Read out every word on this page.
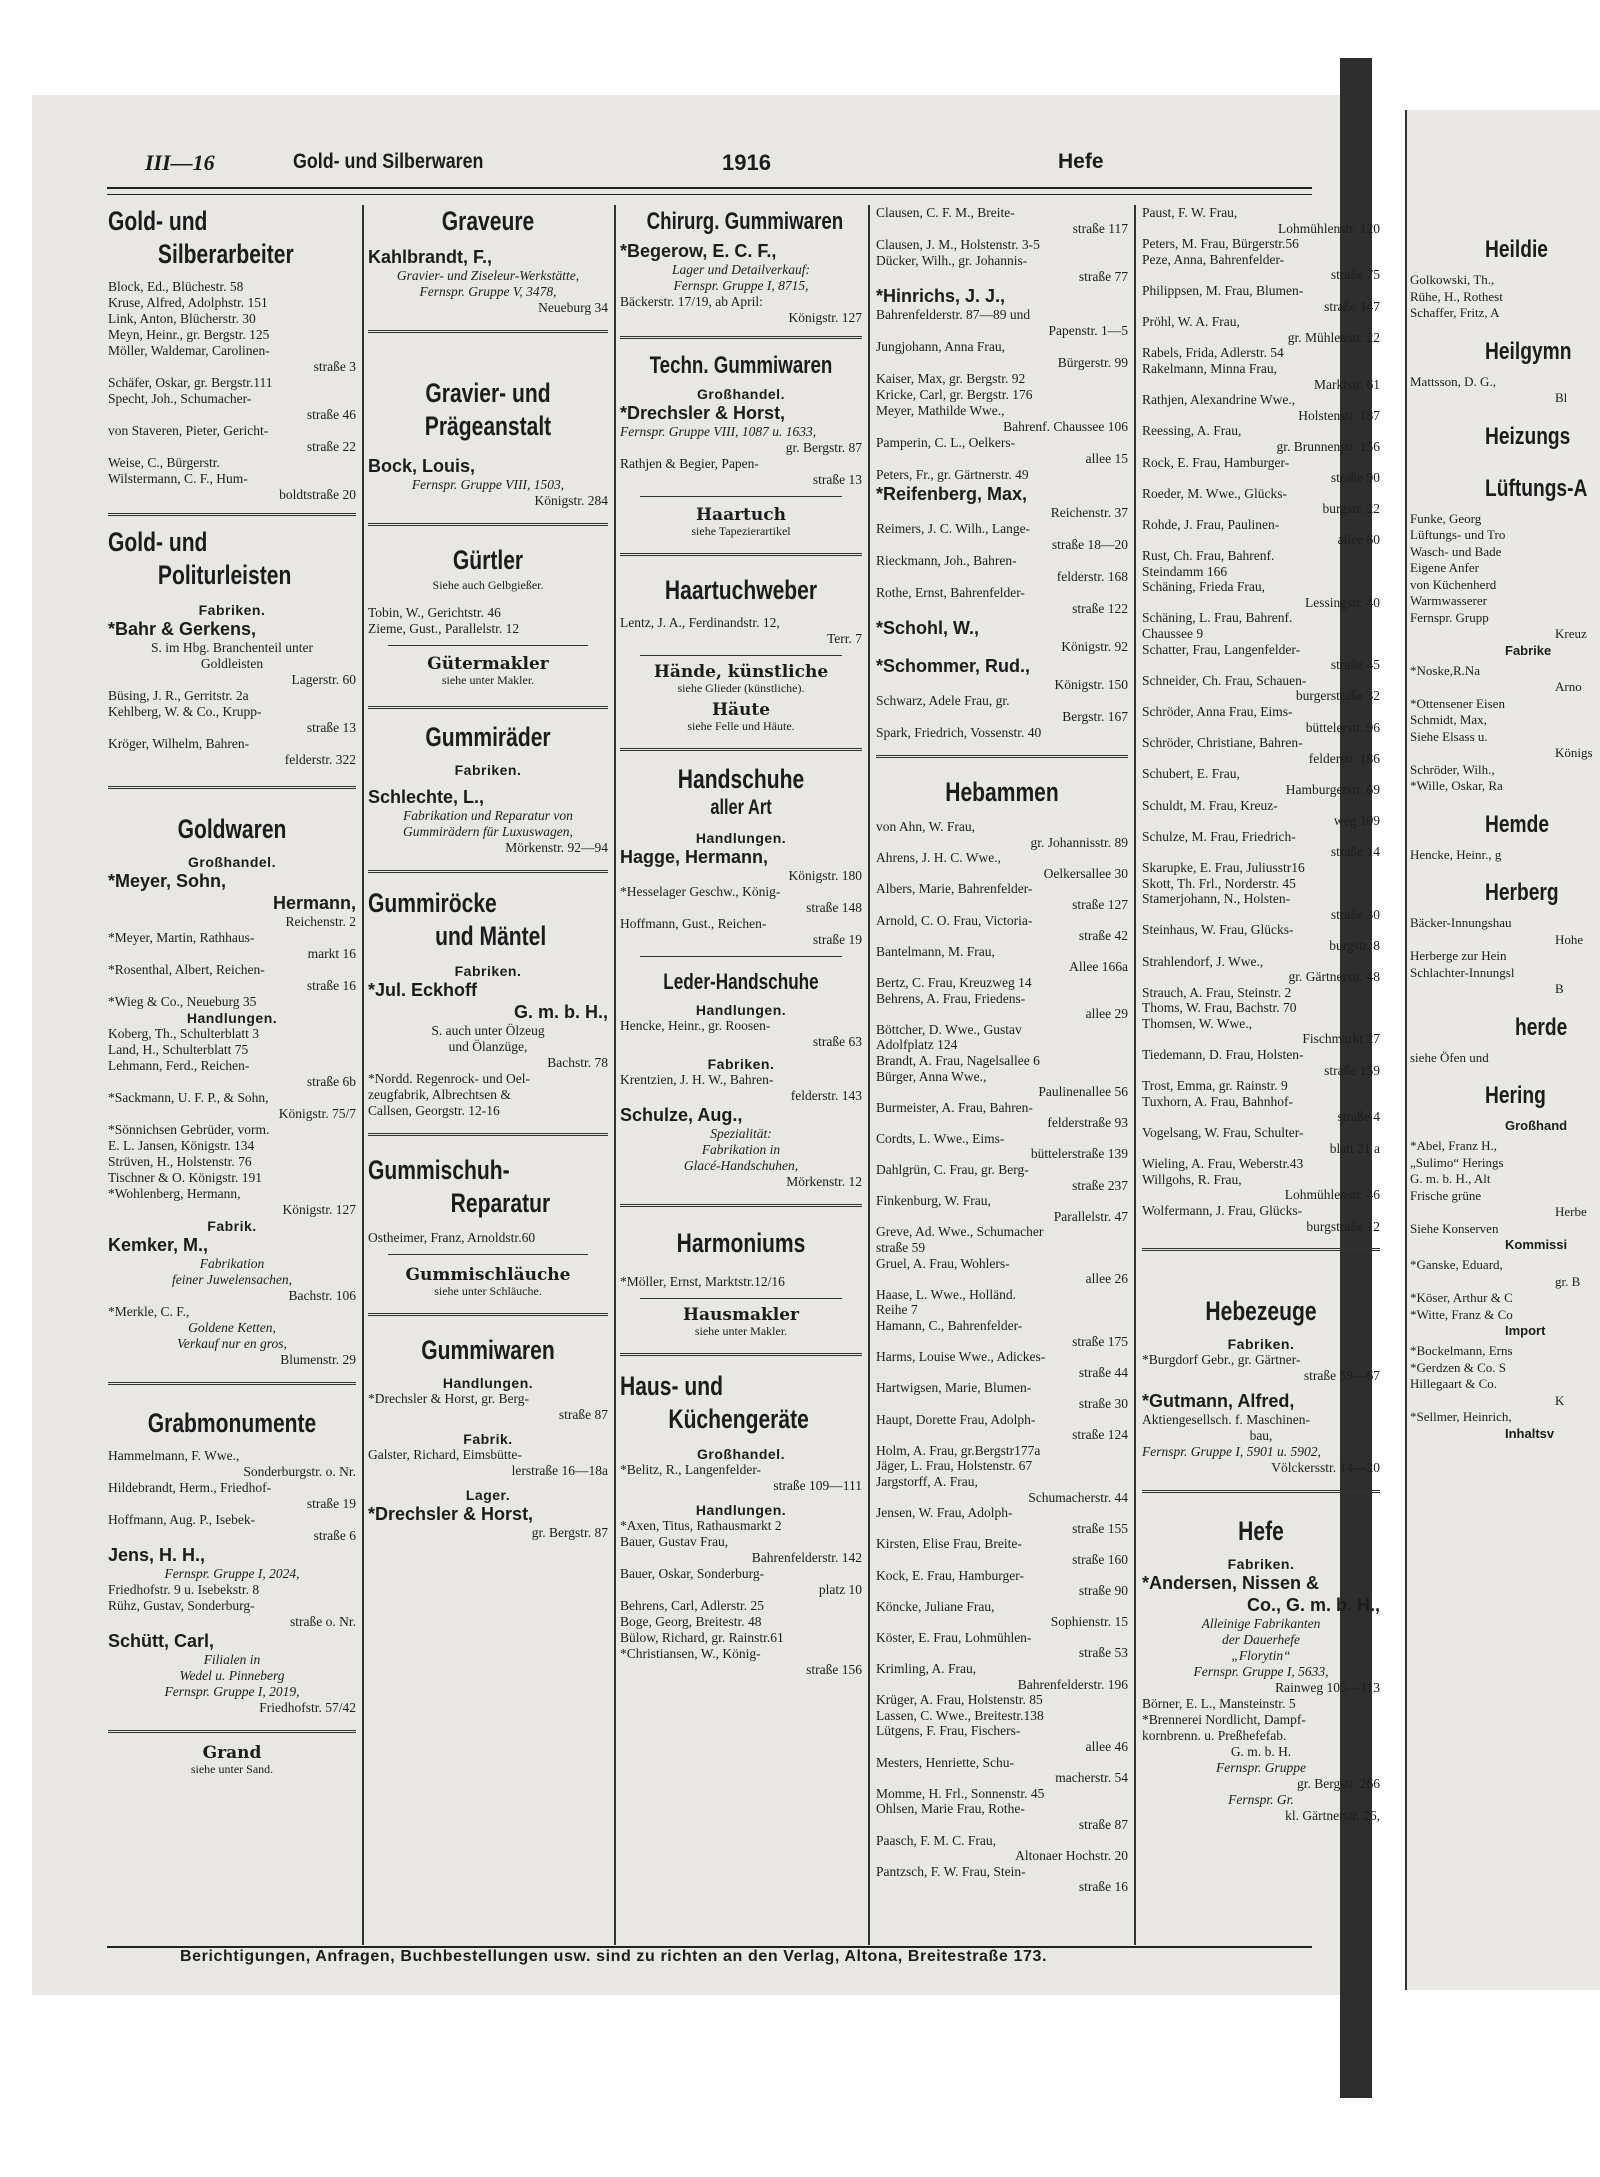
III—16	Gold- und Silberwaren	1916	Hefe
Gold- und
Silberarbeiter

Block, Ed., Blüchestr. 58

Kruse, Alfred, Adolphstr. 151

Link, Anton, Blücherstr. 30

Meyn, Heinr., gr. Bergstr. 125

Möller, Waldemar, Carolinen-

straße 3

Schäfer, Oskar, gr. Bergstr.111

Specht, Joh., Schumacher-

straße 46

von Staveren, Pieter, Gericht-

straße 22

Weise, C., Bürgerstr.

Wilstermann, C. F., Hum-

boldtstraße 20

Gold- und
Politurleisten
Fabriken.
*Bahr & Gerkens,

S. im Hbg. Branchenteil unter

Goldleisten

Lagerstr. 60

Büsing, J. R., Gerritstr. 2a

Kehlberg, W. & Co., Krupp-

straße 13

Kröger, Wilhelm, Bahren-

felderstr. 322

Goldwaren
Großhandel.
*Meyer, Sohn,
Hermann,

Reichenstr. 2

*Meyer, Martin, Rathhaus-

markt 16

*Rosenthal, Albert, Reichen-

straße 16

*Wieg & Co., Neueburg 35

Handlungen.

Koberg, Th., Schulterblatt 3

Land, H., Schulterblatt 75

Lehmann, Ferd., Reichen-

straße 6b

*Sackmann, U. F. P., & Sohn,

Königstr. 75/7

*Sönnichsen Gebrüder, vorm.

E. L. Jansen, Königstr. 134

Strüven, H., Holstenstr. 76

Tischner & O. Königstr. 191

*Wohlenberg, Hermann,

Königstr. 127

Fabrik.
Kemker, M.,

Fabrikation

feiner Juwelensachen,

Bachstr. 106

*Merkle, C. F.,

Goldene Ketten,

Verkauf nur en gros,

Blumenstr. 29

Grabmonumente

Hammelmann, F. Wwe.,

Sonderburgstr. o. Nr.

Hildebrandt, Herm., Friedhof-

straße 19

Hoffmann, Aug. P., Isebek-

straße 6

Jens, H. H.,

Fernspr. Gruppe I, 2024,

Friedhofstr. 9 u. Isebekstr. 8

Rühz, Gustav, Sonderburg-

straße o. Nr.

Schütt, Carl,

Filialen in

Wedel u. Pinneberg

Fernspr. Gruppe I, 2019,

Friedhofstr. 57/42

Grand
siehe unter Sand.
Graveure
Kahlbrandt, F.,

Gravier- und Ziseleur-Werkstätte,

Fernspr. Gruppe V, 3478,

Neueburg 34

Gravier- und
Prägeanstalt
Bock, Louis,

Fernspr. Gruppe VIII, 1503,

Königstr. 284

Gürtler
Siehe auch Gelbgießer.

Tobin, W., Gerichtstr. 46

Zieme, Gust., Parallelstr. 12

Gütermakler
siehe unter Makler.
Gummiräder
Fabriken.
Schlechte, L.,

Fabrikation und Reparatur von

Gummirädern für Luxuswagen,

Mörkenstr. 92—94

Gummiröcke
und Mäntel
Fabriken.
*Jul. Eckhoff
G. m. b. H.,

S. auch unter Ölzeug

und Ölanzüge,

Bachstr. 78

*Nordd. Regenrock- und Oel-

zeugfabrik, Albrechtsen &

Callsen, Georgstr. 12-16

Gummischuh-
Reparatur

Ostheimer, Franz, Arnoldstr.60

Gummischläuche
siehe unter Schläuche.
Gummiwaren
Handlungen.

*Drechsler & Horst, gr. Berg-

straße 87

Fabrik.

Galster, Richard, Eimsbütte-

lerstraße 16—18a

Lager.
*Drechsler & Horst,

gr. Bergstr. 87

Chirurg. Gummiwaren
*Begerow, E. C. F.,

Lager und Detailverkauf:

Fernspr. Gruppe I, 8715,

Bäckerstr. 17/19, ab April:

Königstr. 127

Techn. Gummiwaren
Großhandel.
*Drechsler & Horst,

Fernspr. Gruppe VIII, 1087 u. 1633,

gr. Bergstr. 87

Rathjen & Begier, Papen-

straße 13

Haartuch
siehe Tapezierartikel
Haartuchweber

Lentz, J. A., Ferdinandstr. 12,

Terr. 7

Hände, künstliche
siehe Glieder (künstliche).
Häute
siehe Felle und Häute.
Handschuhe
aller Art
Handlungen.
Hagge, Hermann,

Königstr. 180

*Hesselager Geschw., König-

straße 148

Hoffmann, Gust., Reichen-

straße 19

Leder-Handschuhe
Handlungen.

Hencke, Heinr., gr. Roosen-

straße 63

Fabriken.

Krentzien, J. H. W., Bahren-

felderstr. 143

Schulze, Aug.,

Spezialität:

Fabrikation in

Glacé-Handschuhen,

Mörkenstr. 12

Harmoniums

*Möller, Ernst, Marktstr.12/16

Hausmakler
siehe unter Makler.
Haus- und
Küchengeräte
Großhandel.

*Belitz, R., Langenfelder-

straße 109—111

Handlungen.

*Axen, Titus, Rathausmarkt 2

Bauer, Gustav Frau,

Bahrenfelderstr. 142

Bauer, Oskar, Sonderburg-

platz 10

Behrens, Carl, Adlerstr. 25

Boge, Georg, Breitestr. 48

Bülow, Richard, gr. Rainstr.61

*Christiansen, W., König-

straße 156

Clausen, C. F. M., Breite-

straße 117

Clausen, J. M., Holstenstr. 3-5

Dücker, Wilh., gr. Johannis-

straße 77

*Hinrichs, J. J.,

Bahrenfelderstr. 87—89 und

Papenstr. 1—5

Jungjohann, Anna Frau,

Bürgerstr. 99

Kaiser, Max, gr. Bergstr. 92

Kricke, Carl, gr. Bergstr. 176

Meyer, Mathilde Wwe.,

Bahrenf. Chaussee 106

Pamperin, C. L., Oelkers-

allee 15

Peters, Fr., gr. Gärtnerstr. 49

*Reifenberg, Max,

Reichenstr. 37

Reimers, J. C. Wilh., Lange-

straße 18—20

Rieckmann, Joh., Bahren-

felderstr. 168

Rothe, Ernst, Bahrenfelder-

straße 122

*Schohl, W.,

Königstr. 92

*Schommer, Rud.,

Königstr. 150

Schwarz, Adele Frau, gr.

Bergstr. 167

Spark, Friedrich, Vossenstr. 40

Hebammen

von Ahn, W. Frau,

gr. Johannisstr. 89

Ahrens, J. H. C. Wwe.,

Oelkersallee 30

Albers, Marie, Bahrenfelder-

straße 127

Arnold, C. O. Frau, Victoria-

straße 42

Bantelmann, M. Frau,

Allee 166a

Bertz, C. Frau, Kreuzweg 14

Behrens, A. Frau, Friedens-

allee 29

Böttcher, D. Wwe., Gustav

Adolfplatz 124

Brandt, A. Frau, Nagelsallee 6

Bürger, Anna Wwe.,

Paulinenallee 56

Burmeister, A. Frau, Bahren-

felderstraße 93

Cordts, L. Wwe., Eims-

büttelerstraße 139

Dahlgrün, C. Frau, gr. Berg-

straße 237

Finkenburg, W. Frau,

Parallelstr. 47

Greve, Ad. Wwe., Schumacher

straße 59

Gruel, A. Frau, Wohlers-

allee 26

Haase, L. Wwe., Holländ.

Reihe 7

Hamann, C., Bahrenfelder-

straße 175

Harms, Louise Wwe., Adickes-

straße 44

Hartwigsen, Marie, Blumen-

straße 30

Haupt, Dorette Frau, Adolph-

straße 124

Holm, A. Frau, gr.Bergstr177a

Jäger, L. Frau, Holstenstr. 67

Jargstorff, A. Frau,

Schumacherstr. 44

Jensen, W. Frau, Adolph-

straße 155

Kirsten, Elise Frau, Breite-

straße 160

Kock, E. Frau, Hamburger-

straße 90

Köncke, Juliane Frau,

Sophienstr. 15

Köster, E. Frau, Lohmühlen-

straße 53

Krimling, A. Frau,

Bahrenfelderstr. 196

Krüger, A. Frau, Holstenstr. 85

Lassen, C. Wwe., Breitestr.138

Lütgens, F. Frau, Fischers-

allee 46

Mesters, Henriette, Schu-

macherstr. 54

Momme, H. Frl., Sonnenstr. 45

Ohlsen, Marie Frau, Rothe-

straße 87

Paasch, F. M. C. Frau,

Altonaer Hochstr. 20

Pantzsch, F. W. Frau, Stein-

straße 16

Paust, F. W. Frau,

Lohmühlenstr. 120

Peters, M. Frau, Bürgerstr.56

Peze, Anna, Bahrenfelder-

straße 75

Philippsen, M. Frau, Blumen-

straße 147

Pröhl, W. A. Frau,

gr. Mühlenstr. 22

Rabels, Frida, Adlerstr. 54

Rakelmann, Minna Frau,

Marktstr. 61

Rathjen, Alexandrine Wwe.,

Holstenstr. 187

Reessing, A. Frau,

gr. Brunnenstr. 156

Rock, E. Frau, Hamburger-

straße 90

Roeder, M. Wwe., Glücks-

burgstr. 22

Rohde, J. Frau, Paulinen-

allee 60

Rust, Ch. Frau, Bahrenf.

Steindamm 166

Schäning, Frieda Frau,

Lessingstr. 40

Schäning, L. Frau, Bahrenf.

Chaussee 9

Schatter, Frau, Langenfelder-

straße 45

Schneider, Ch. Frau, Schauen-

burgerstraße 32

Schröder, Anna Frau, Eims-

büttelerstr. 96

Schröder, Christiane, Bahren-

felderstr. 186

Schubert, E. Frau,

Hamburgerstr. 69

Schuldt, M. Frau, Kreuz-

weg 109

Schulze, M. Frau, Friedrich-

straße 14

Skarupke, E. Frau, Juliusstr16

Skott, Th. Frl., Norderstr. 45

Stamerjohann, N., Holsten-

straße 30

Steinhaus, W. Frau, Glücks-

burgstr. 8

Strahlendorf, J. Wwe.,

gr. Gärtnerstr. 48

Strauch, A. Frau, Steinstr. 2

Thoms, W. Frau, Bachstr. 70

Thomsen, W. Wwe.,

Fischmarkt 27

Tiedemann, D. Frau, Holsten-

straße 159

Trost, Emma, gr. Rainstr. 9

Tuxhorn, A. Frau, Bahnhof-

straße 4

Vogelsang, W. Frau, Schulter-

blatt 21 a

Wieling, A. Frau, Weberstr.43

Willgohs, R. Frau,

Lohmühlenstr. 46

Wolfermann, J. Frau, Glücks-

burgstraße 12

Hebezeuge
Fabriken.

*Burgdorf Gebr., gr. Gärtner-

straße 59—67

*Gutmann, Alfred,

Aktiengesellsch. f. Maschinen-

bau,

Fernspr. Gruppe I, 5901 u. 5902,

Völckersstr. 14—20

Hefe
Fabriken.
*Andersen, Nissen &
Co., G. m. b. H.,

Alleinige Fabrikanten

der Dauerhefe

„Florytin“

Fernspr. Gruppe I, 5633,

Rainweg 105—113

Börner, E. L., Mansteinstr. 5

*Brennerei Nordlicht, Dampf-

kornbrenn. u. Preßhefefab.

G. m. b. H.

Fernspr. Gruppe

gr. Bergstr. 266

Fernspr. Gr.

kl. Gärtnerstr. 26,

Heildie
Golkowski, Th.,
Rühe, H., Rothest
Schaffer, Fritz, A
Heilgymn
Mattsson, D. G.,
Bl
Heizungs
Lüftungs-A
Funke, Georg
Lüftungs- und Tro
Wasch- und Bade
Eigene Anfer
von Küchenherd
Warmwasserer
Fernspr. Grupp
Kreuz
Fabrike
*Noske,R.Na
Arno
*Ottensener Eisen
Schmidt, Max,
Siehe Elsass u.
Königs
Schröder, Wilh.,
*Wille, Oskar, Ra
Hemde
Hencke, Heinr., g
Herberg
Bäcker-Innungshau
Hohe
Herberge zur Hein
Schlachter-Innungsl
B
herde
siehe Öfen und
Hering
Großhand
*Abel, Franz H.,
„Sulimo“ Herings
G. m. b. H., Alt
Frische grüne
Herbe
Siehe Konserven
Kommissi
*Ganske, Eduard,
gr. B
*Köser, Arthur & C
*Witte, Franz & Co
Import
*Bockelmann, Erns
*Gerdzen & Co. S
Hillegaart & Co.
K
*Sellmer, Heinrich,
Inhaltsv
Berichtigungen, Anfragen, Buchbestellungen usw. sind zu richten an den Verlag, Altona, Breitestraße 173.
